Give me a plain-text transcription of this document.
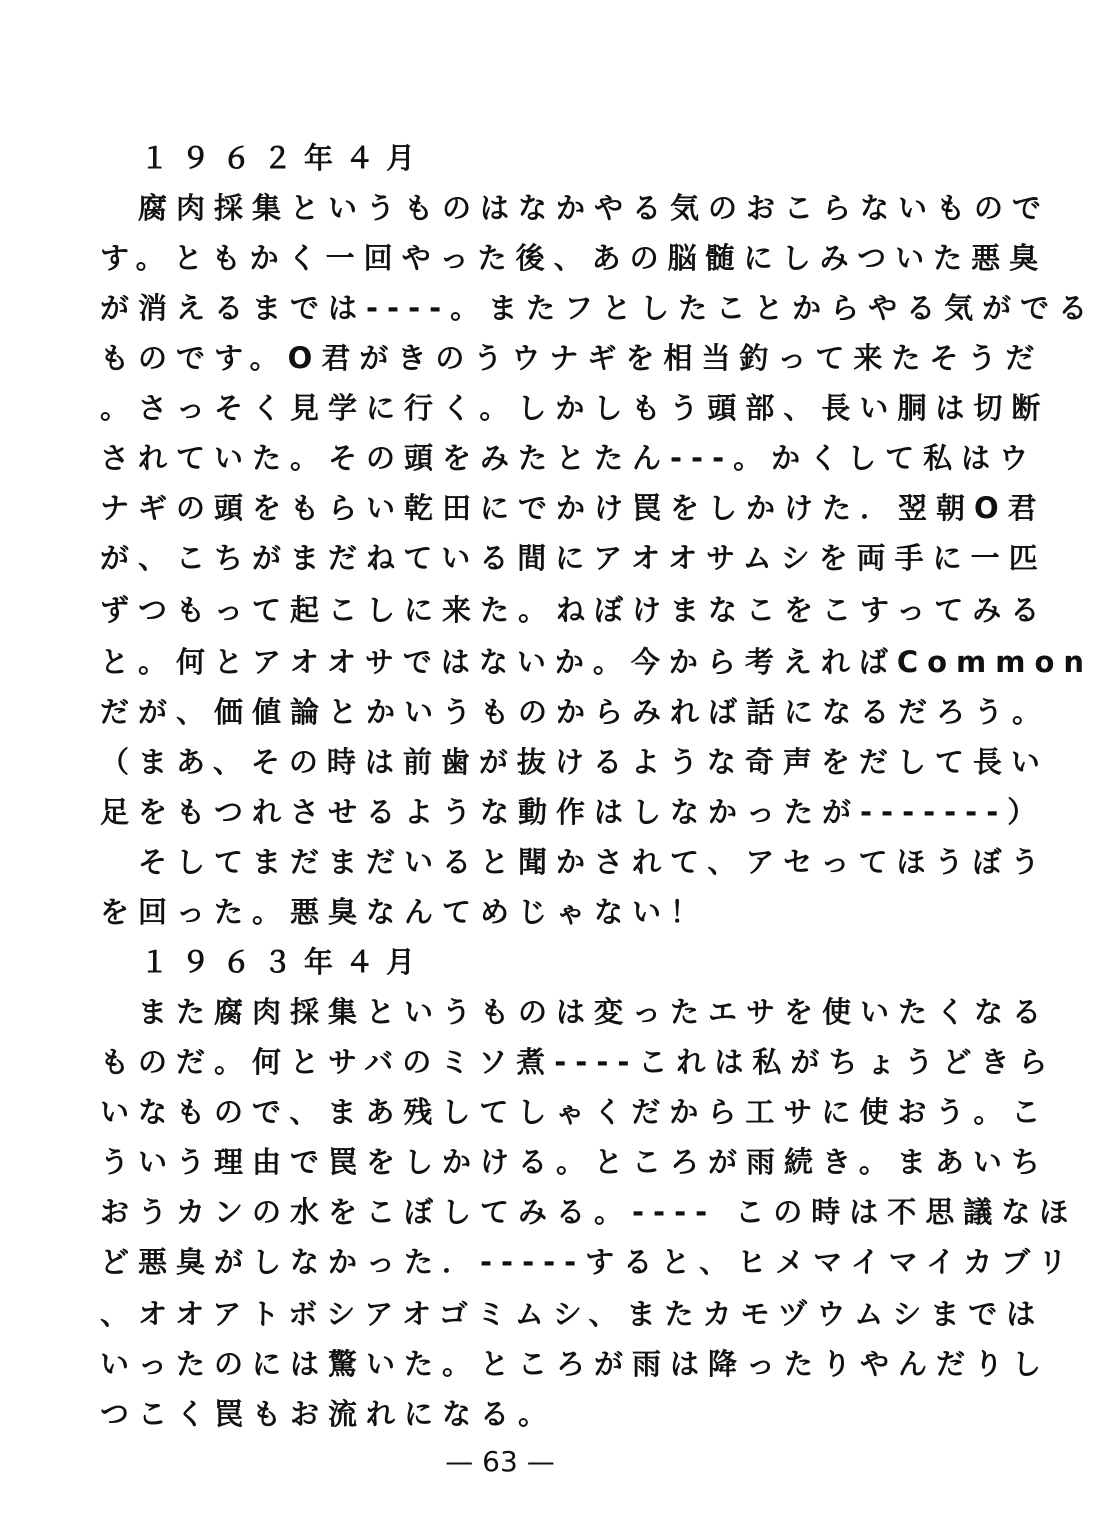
１９６２年４月
腐肉採集というものはなかやる気のおこらないもので
す。ともかく一回やった後、あの脳髄にしみついた悪臭
が消えるまでは----。またフとしたことからやる気がでる
ものです。O君がきのうウナギを相当釣って来たそうだ
。さっそく見学に行く。しかしもう頭部、長い胴は切断
されていた。その頭をみたとたん---。かくして私はウ
ナギの頭をもらい乾田にでかけ罠をしかけた．翌朝O君
が、こちがまだねている間にアオオサムシを両手に一匹
ずつもって起こしに来た。ねぼけまなこをこすってみる
と。何とアオオサではないか。今から考えればCommon
だが、価値論とかいうものからみれば話になるだろう。
（まあ、その時は前歯が抜けるような奇声をだして長い
足をもつれさせるような動作はしなかったが-------）
そしてまだまだいると聞かされて、アセってほうぼう
を回った。悪臭なんてめじゃない！
１９６３年４月
また腐肉採集というものは変ったエサを使いたくなる
ものだ。何とサバのミソ煮----これは私がちょうどきら
いなもので、まあ残してしゃくだから工サに使おう。こ
ういう理由で罠をしかける。ところが雨続き。まあいち
おうカンの水をこぼしてみる。---- この時は不思議なほ
ど悪臭がしなかった．-----すると、ヒメマイマイカブリ
、オオアトボシアオゴミムシ、またカモヅウムシまでは
いったのには驚いた。ところが雨は降ったりやんだりし
つこく罠もお流れになる。
— 63 —
